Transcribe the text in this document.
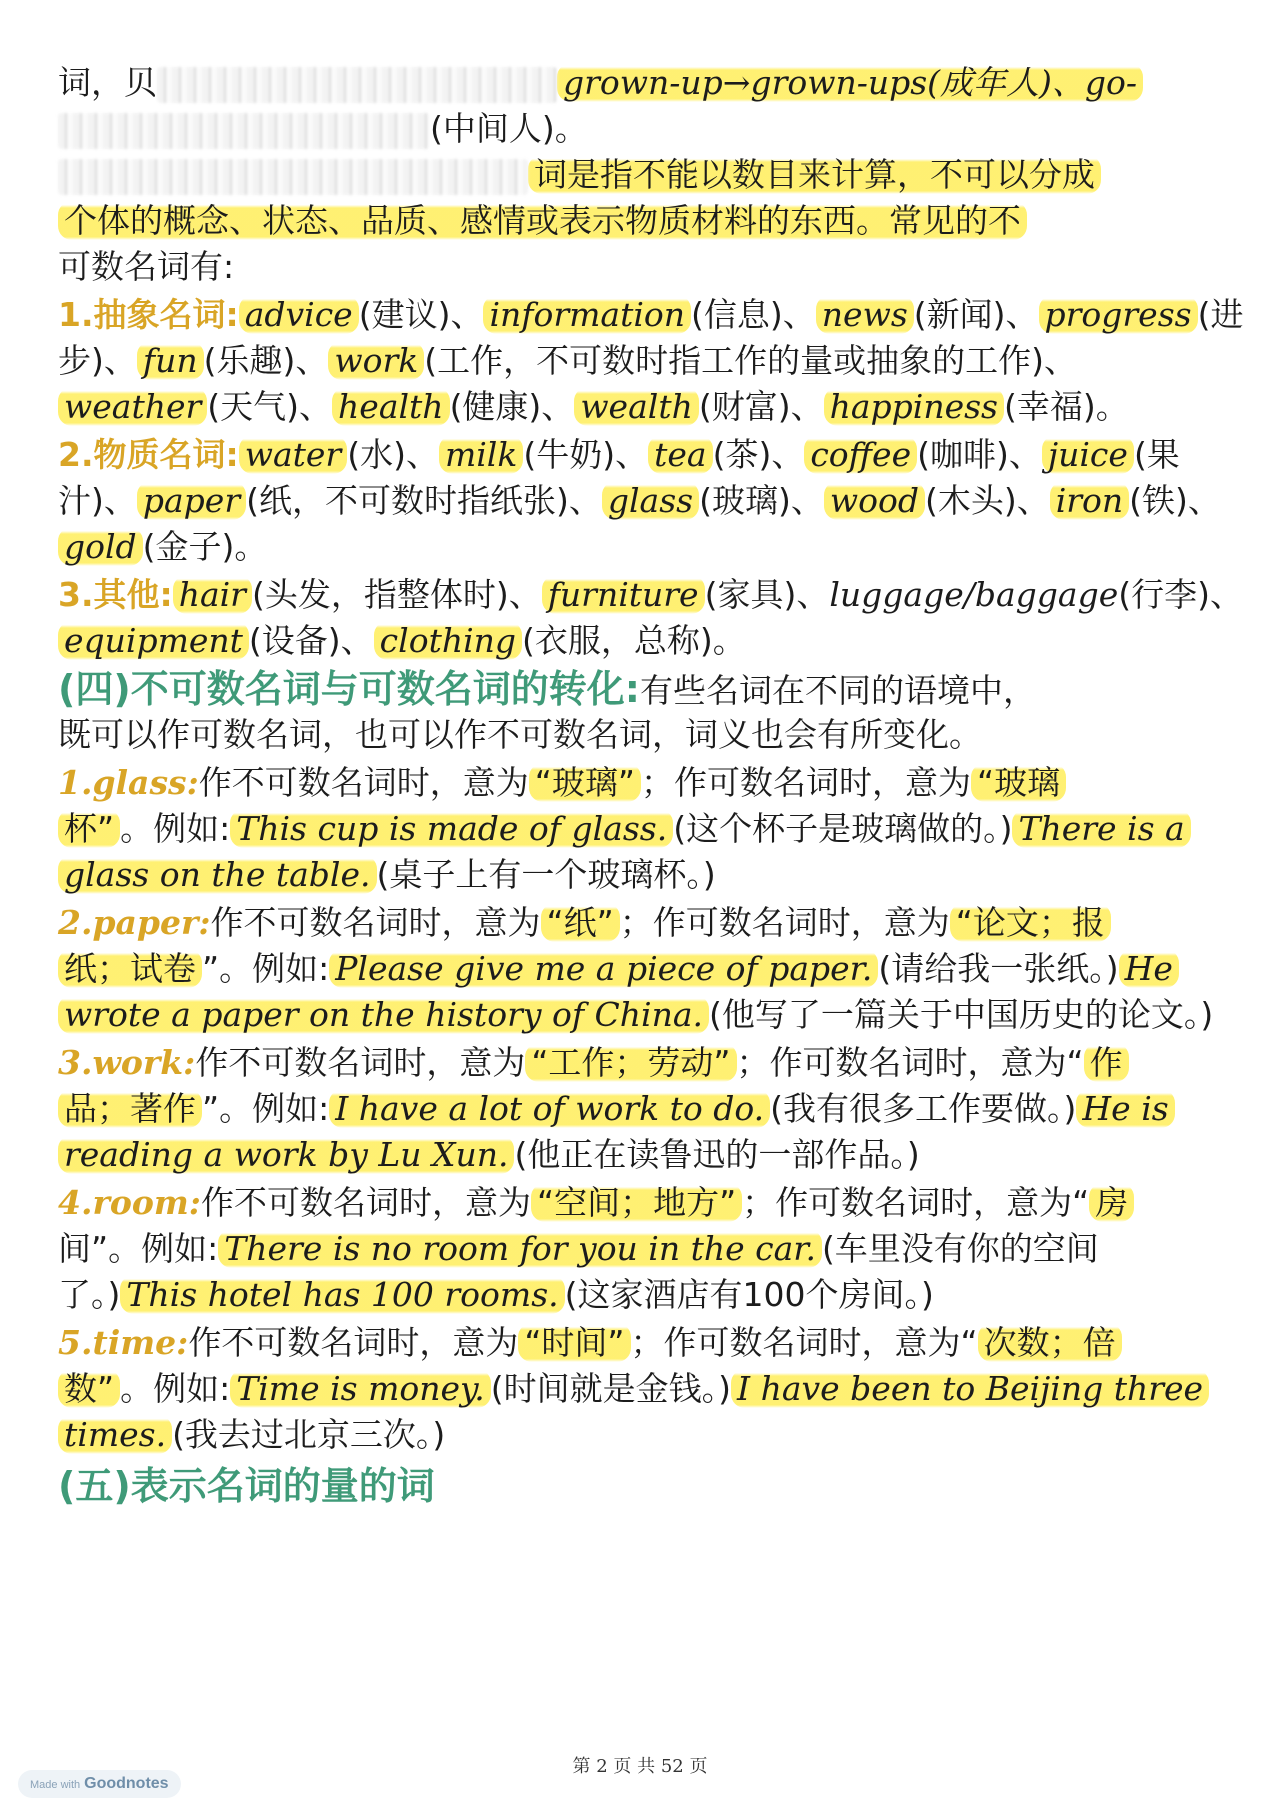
词，贝	grown-up→grown-ups(成年人)、go-
(中间人)。
词是指不能以数目来计算，不可以分成
个体的概念、状态、品质、感情或表示物质材料的东西。常见的不
可数名词有:
1.抽象名词: advice (建议)、 information (信息)、 news (新闻)、 progress (进
步)、 fun (乐趣)、 work (工作，不可数时指工作的量或抽象的工作)、
weather (天气)、 health (健康)、 wealth (财富)、 happiness (幸福)。
2.物质名词: water (水)、 milk (牛奶)、 tea (茶)、 coffee (咖啡)、 juice (果
汁)、 paper (纸，不可数时指纸张)、 glass (玻璃)、 wood (木头)、 iron (铁)、
gold (金子)。
3.其他: hair (头发，指整体时)、 furniture (家具)、luggage/baggage(行李)、
equipment (设备)、 clothing (衣服，总称)。
(四)不可数名词与可数名词的转化:有些名词在不同的语境中，
既可以作可数名词，也可以作不可数名词，词义也会有所变化。
1.glass:作不可数名词时，意为 “玻璃” ；作可数名词时，意为 “玻璃
杯” 。例如: This cup is made of glass. (这个杯子是玻璃做的。) There is a
glass on the table. (桌子上有一个玻璃杯。)
2.paper:作不可数名词时，意为 “纸” ；作可数名词时，意为 “论文；报
纸；试卷 ”。例如: Please give me a piece of paper. (请给我一张纸。) He
wrote a paper on the history of China. (他写了一篇关于中国历史的论文。)
3.work:作不可数名词时，意为 “工作；劳动” ；作可数名词时，意为“ 作
品；著作 ”。例如: I have a lot of work to do. (我有很多工作要做。) He is
reading a work by Lu Xun. (他正在读鲁迅的一部作品。)
4.room:作不可数名词时，意为 “空间；地方” ；作可数名词时，意为“ 房
间”。例如: There is no room for you in the car. (车里没有你的空间
了。) This hotel has 100 rooms. (这家酒店有100个房间。)
5.time:作不可数名词时，意为 “时间” ；作可数名词时，意为“ 次数；倍
数” 。例如: Time is money. (时间就是金钱。) I have been to Beijing three
times. (我去过北京三次。)
(五)表示名词的量的词
第 2 页 共 52 页
Made with Goodnotes
